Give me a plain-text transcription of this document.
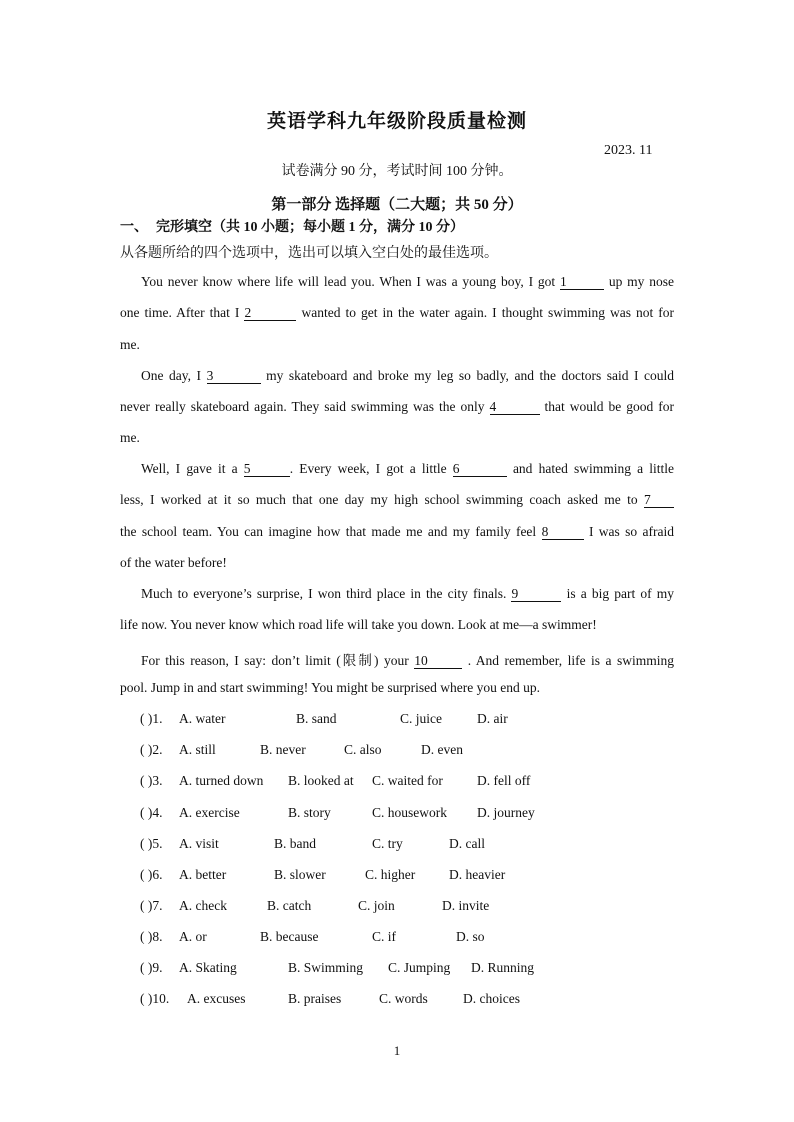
英语学科九年级阶段质量检测
2023. 11
试卷满分 90 分，考试时间 100 分钟。
第一部分 选择题（二大题；共 50 分）
一、 完形填空（共 10 小题；每小题 1 分，满分 10 分）
从各题所给的四个选项中，选出可以填入空白处的最佳选项。
You never know where life will lead you. When I was a young boy, I got 1	up my nose
one time. After that I 2	wanted to get in the water again. I thought swimming was not for
me.
One day, I 3	my skateboard and broke my leg so badly, and the doctors said I could
never really skateboard again. They said swimming was the only 4	that would be good for
me.
Well, I gave it a 5	. Every week, I got a little 6	and hated swimming a little
less, I worked at it so much that one day my high school swimming coach asked me to 7
the school team. You can imagine how that made me and my family feel 8	I was so afraid
of the water before!
Much to everyone’s surprise, I won third place in the city finals. 9	is a big part of my
life now. You never know which road life will take you down. Look at me—a swimmer!
For this reason, I say: don’t limit (限制) your 10	. And remember, life is a swimming
pool. Jump in and start swimming! You might be surprised where you end up.
( )1. A. water	B. sand	C. juice	D. air
( )2. A. still	B. never	C. also	D. even
( )3. A. turned down B. looked at C. waited for	D. fell off
( )4. A. exercise	B. story	C. housework D. journey
( )5. A. visit	B. band	C. try	D. call
( )6. A. better	B. slower	C. higher	D. heavier
( )7. A. check	B. catch	C. join	D. invite
( )8. A. or	B. because	C. if	D. so
( )9. A. Skating	B. Swimming C. Jumping D. Running
( )10. A. excuses	B. praises	C. words	D. choices
1
